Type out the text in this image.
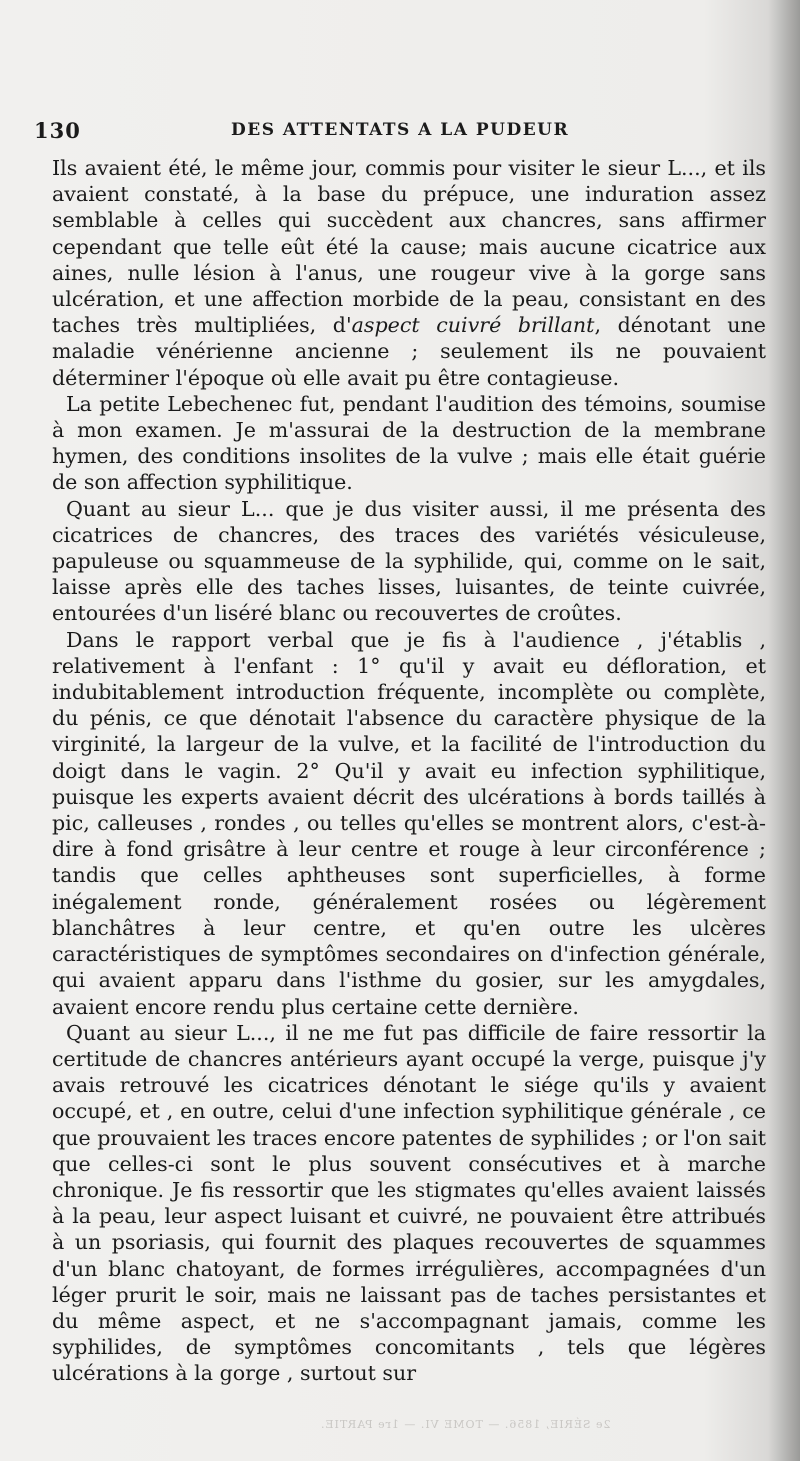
130	DES ATTENTATS A LA PUDEUR

Ils avaient été, le même jour, commis pour visiter le sieur L..., et ils avaient constaté, à la base du prépuce, une induration assez semblable à celles qui succèdent aux chancres, sans affirmer cependant que telle eût été la cause; mais aucune cicatrice aux aines, nulle lésion à l'anus, une rougeur vive à la gorge sans ulcération, et une affection morbide de la peau, consistant en des taches très multipliées, d'aspect cuivré brillant, dénotant une maladie vénérienne ancienne ; seulement ils ne pouvaient déterminer l'époque où elle avait pu être contagieuse.

La petite Lebechenec fut, pendant l'audition des témoins, soumise à mon examen. Je m'assurai de la destruction de la membrane hymen, des conditions insolites de la vulve ; mais elle était guérie de son affection syphilitique.

Quant au sieur L... que je dus visiter aussi, il me présenta des cicatrices de chancres, des traces des variétés vésiculeuse, papuleuse ou squammeuse de la syphilide, qui, comme on le sait, laisse après elle des taches lisses, luisantes, de teinte cuivrée, entourées d'un liséré blanc ou recouvertes de croûtes.

Dans le rapport verbal que je fis à l'audience , j'établis , relativement à l'enfant : 1° qu'il y avait eu défloration, et indubitablement introduction fréquente, incomplète ou complète, du pénis, ce que dénotait l'absence du caractère physique de la virginité, la largeur de la vulve, et la facilité de l'introduction du doigt dans le vagin. 2° Qu'il y avait eu infection syphilitique, puisque les experts avaient décrit des ulcérations à bords taillés à pic, calleuses , rondes , ou telles qu'elles se montrent alors, c'est-à-dire à fond grisâtre à leur centre et rouge à leur circonférence ; tandis que celles aphtheuses sont superficielles, à forme inégalement ronde, généralement rosées ou légèrement blanchâtres à leur centre, et qu'en outre les ulcères caractéristiques de symptômes secondaires on d'infection générale, qui avaient apparu dans l'isthme du gosier, sur les amygdales, avaient encore rendu plus certaine cette dernière.

Quant au sieur L..., il ne me fut pas difficile de faire ressortir la certitude de chancres antérieurs ayant occupé la verge, puisque j'y avais retrouvé les cicatrices dénotant le siége qu'ils y avaient occupé, et , en outre, celui d'une infection syphilitique générale , ce que prouvaient les traces encore patentes de syphilides ; or l'on sait que celles-ci sont le plus souvent consécutives et à marche chronique. Je fis ressortir que les stigmates qu'elles avaient laissés à la peau, leur aspect luisant et cuivré, ne pouvaient être attribués à un psoriasis, qui fournit des plaques recouvertes de squammes d'un blanc chatoyant, de formes irrégulières, accompagnées d'un léger prurit le soir, mais ne laissant pas de taches persistantes et du même aspect, et ne s'accompagnant jamais, comme les syphilides, de symptômes concomitants , tels que légères ulcérations à la gorge , surtout sur

2e SÉRIE, 1856. — TOME VI. — 1re PARTIE.
